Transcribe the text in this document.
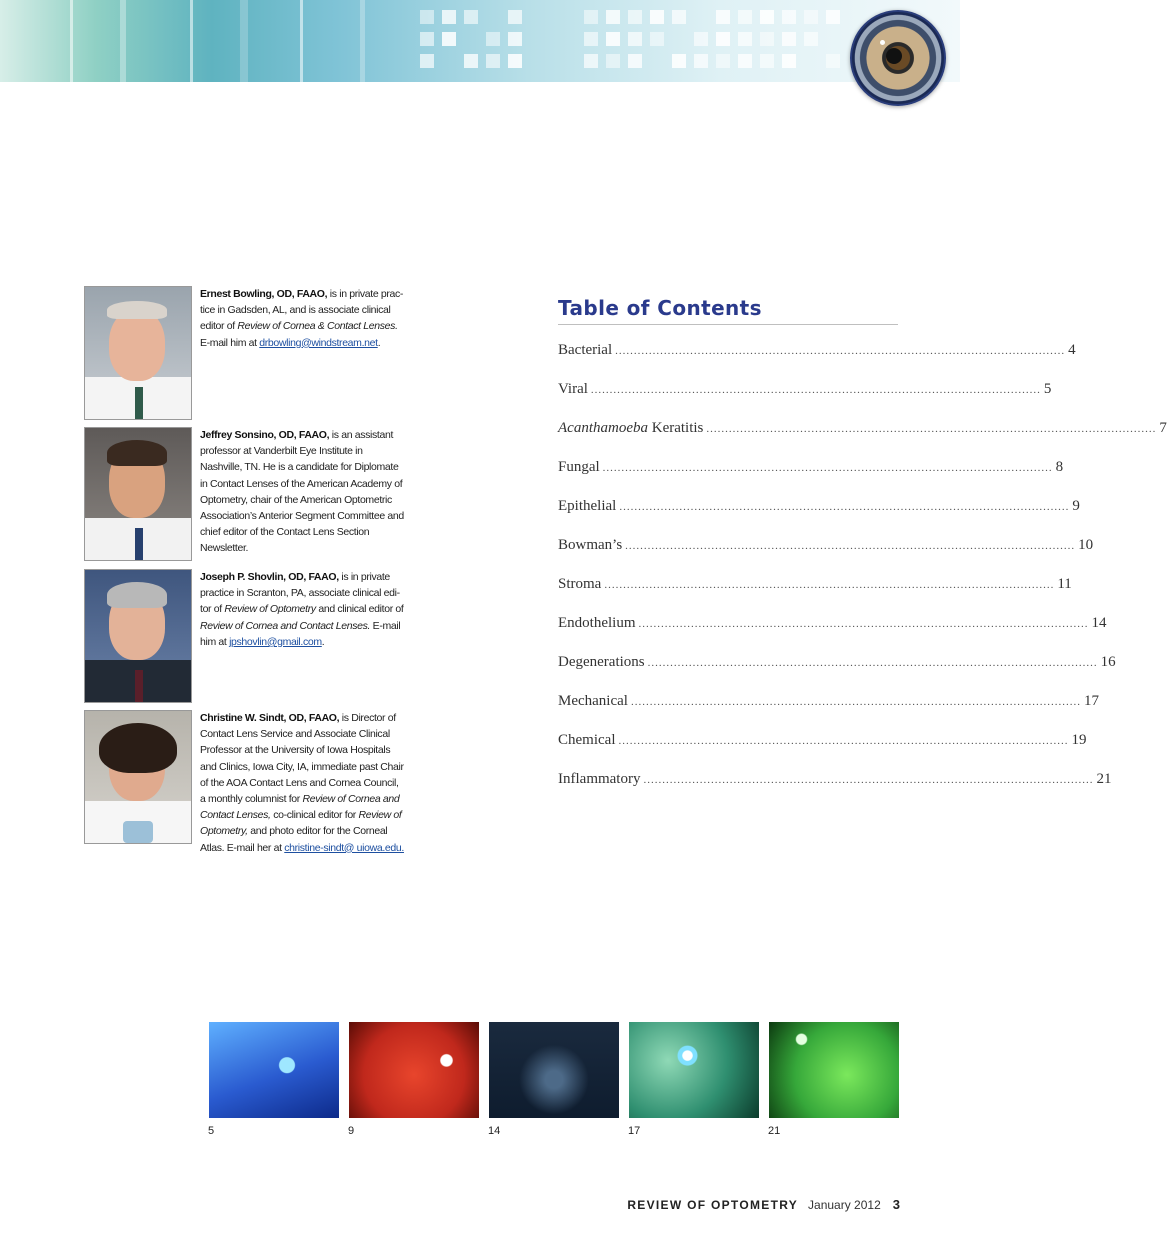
Ernest Bowling, OD, FAAO, is in private prac-
tice in Gadsden, AL, and is associate clinical
editor of Review of Cornea & Contact Lenses.
E-mail him at drbowling@windstream.net.
Jeffrey Sonsino, OD, FAAO, is an assistant professor at Vanderbilt Eye Institute in Nashville, TN. He is a candidate for Diplomate in Contact Lenses of the American Academy of Optometry, chair of the American Optometric Association’s Anterior Segment Committee and chief editor of the Contact Lens Section Newsletter.
Joseph P. Shovlin, OD, FAAO, is in private practice in Scranton, PA, associate clinical edi-tor of Review of Optometry and clinical editor of Review of Cornea and Contact Lenses. E-mail him at jpshovlin@gmail.com.
Christine W. Sindt, OD, FAAO, is Director of Contact Lens Service and Associate Clinical Professor at the University of Iowa Hospitals and Clinics, Iowa City, IA, immediate past Chair of the AOA Contact Lens and Cornea Council, a monthly columnist for Review of Cornea and Contact Lenses, co-clinical editor for Review of Optometry, and photo editor for the Corneal Atlas. E-mail her at christine-sindt@ uiowa.edu.
Table of Contents
Bacterial ........................................................................................................................ 4
Viral ........................................................................................................................ 5
Acanthamoeba Keratitis ........................................................................................................................ 7
Fungal ........................................................................................................................ 8
Epithelial ........................................................................................................................ 9
Bowman’s ........................................................................................................................ 10
Stroma ........................................................................................................................ 11
Endothelium ........................................................................................................................ 14
Degenerations ........................................................................................................................ 16
Mechanical ........................................................................................................................ 17
Chemical ........................................................................................................................ 19
Inflammatory ........................................................................................................................ 21
5	9	14	17	21
REVIEW OF OPTOMETRY January 2012 3
